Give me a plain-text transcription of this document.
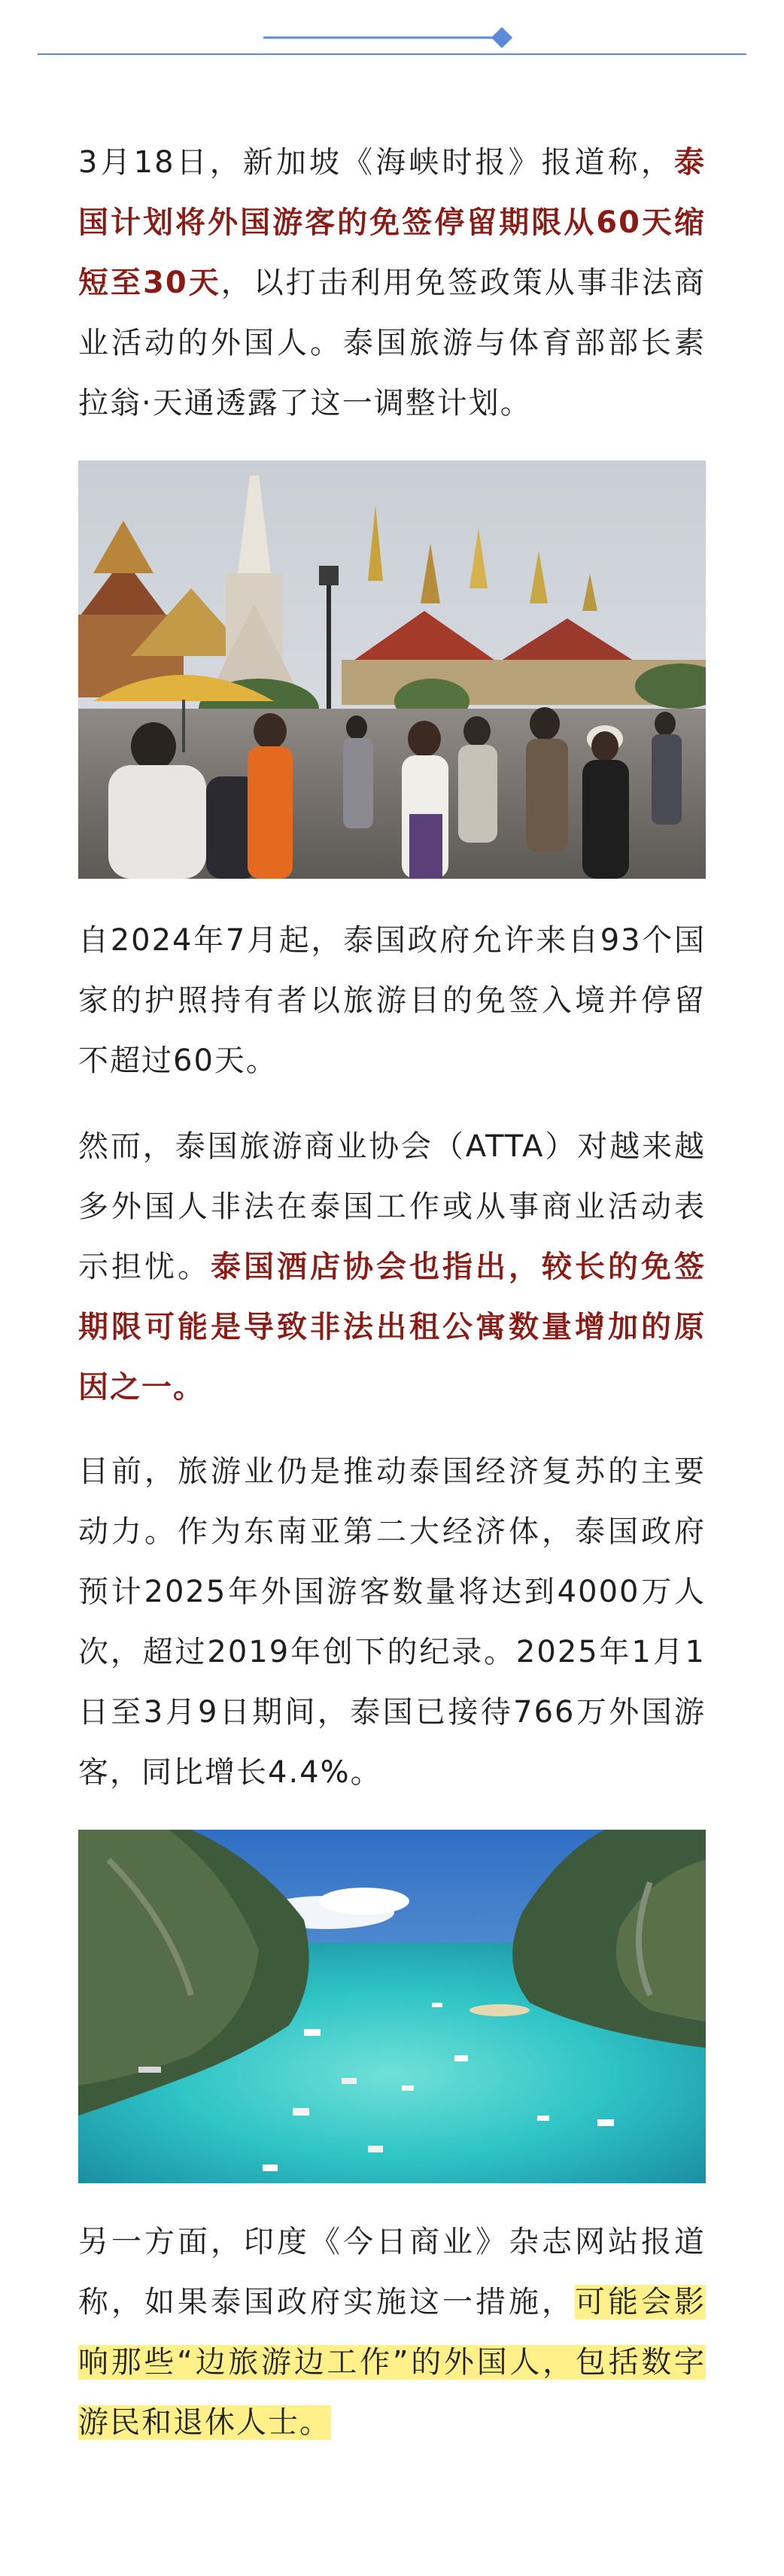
3月18日，新加坡《海峡时报》报道称，泰国计划将外国游客的免签停留期限从60天缩短至30天，以打击利用免签政策从事非法商业活动的外国人。泰国旅游与体育部部长素拉翁·天通透露了这一调整计划。

自2024年7月起，泰国政府允许来自93个国家的护照持有者以旅游目的免签入境并停留不超过60天。

然而，泰国旅游商业协会（ATTA）对越来越多外国人非法在泰国工作或从事商业活动表示担忧。泰国酒店协会也指出，较长的免签期限可能是导致非法出租公寓数量增加的原因之一。

目前，旅游业仍是推动泰国经济复苏的主要动力。作为东南亚第二大经济体，泰国政府预计2025年外国游客数量将达到4000万人次，超过2019年创下的纪录。2025年1月1日至3月9日期间，泰国已接待766万外国游客，同比增长4.4%。

另一方面，印度《今日商业》杂志网站报道称，如果泰国政府实施这一措施，可能会影响那些“边旅游边工作”的外国人，包括数字游民和退休人士。
